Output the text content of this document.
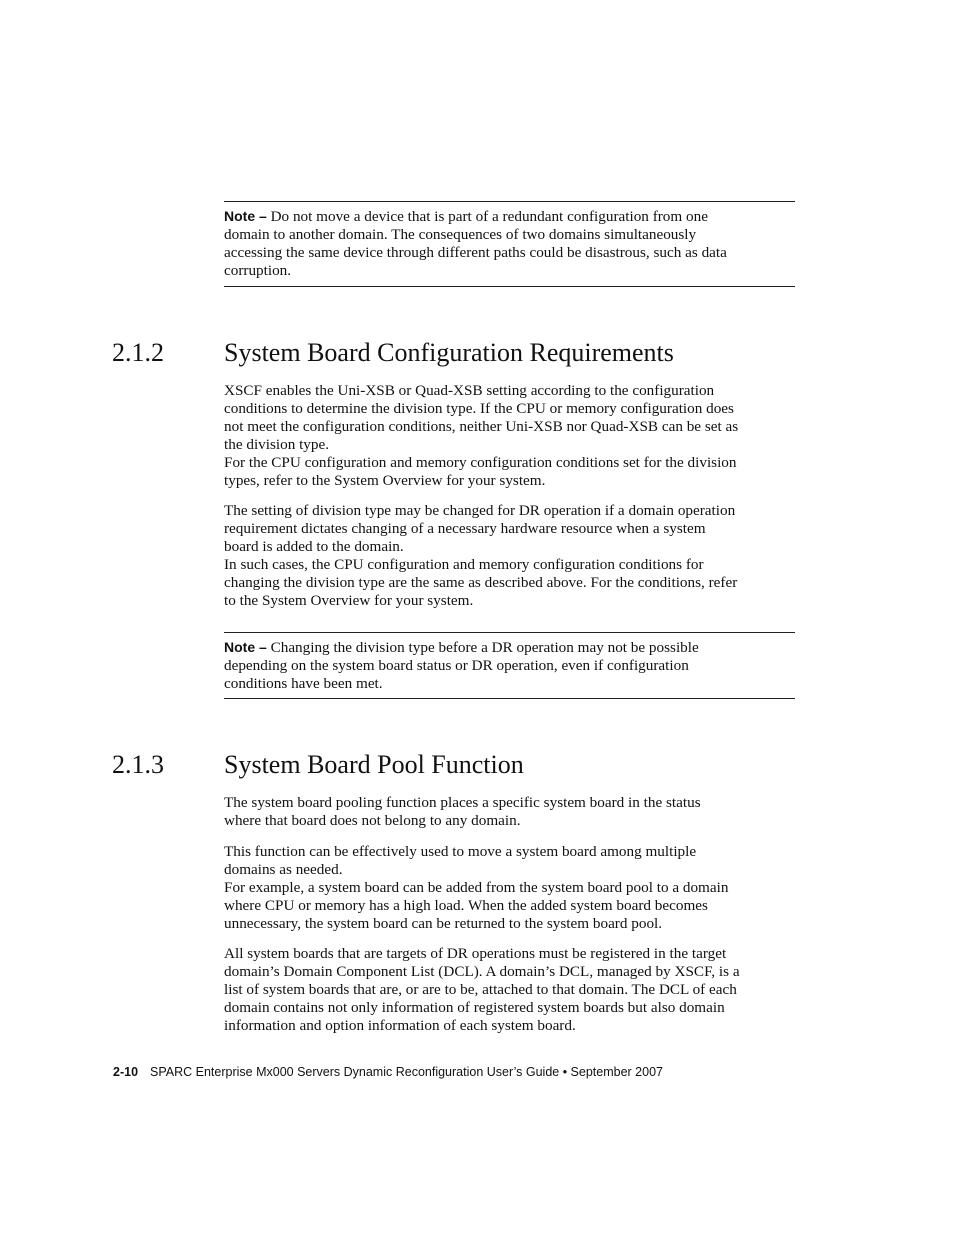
Note – Do not move a device that is part of a redundant configuration from one
domain to another domain. The consequences of two domains simultaneously
accessing the same device through different paths could be disastrous, such as data
corruption.
2.1.2 System Board Configuration Requirements
XSCF enables the Uni-XSB or Quad-XSB setting according to the configuration
conditions to determine the division type. If the CPU or memory configuration does
not meet the configuration conditions, neither Uni-XSB nor Quad-XSB can be set as
the division type.
For the CPU configuration and memory configuration conditions set for the division
types, refer to the System Overview for your system.
The setting of division type may be changed for DR operation if a domain operation
requirement dictates changing of a necessary hardware resource when a system
board is added to the domain.
In such cases, the CPU configuration and memory configuration conditions for
changing the division type are the same as described above. For the conditions, refer
to the System Overview for your system.
Note – Changing the division type before a DR operation may not be possible
depending on the system board status or DR operation, even if configuration
conditions have been met.
2.1.3 System Board Pool Function
The system board pooling function places a specific system board in the status
where that board does not belong to any domain.
This function can be effectively used to move a system board among multiple
domains as needed.
For example, a system board can be added from the system board pool to a domain
where CPU or memory has a high load. When the added system board becomes
unnecessary, the system board can be returned to the system board pool.
All system boards that are targets of DR operations must be registered in the target
domain’s Domain Component List (DCL). A domain’s DCL, managed by XSCF, is a
list of system boards that are, or are to be, attached to that domain. The DCL of each
domain contains not only information of registered system boards but also domain
information and option information of each system board.
2-10 SPARC Enterprise Mx000 Servers Dynamic Reconfiguration User’s Guide • September 2007
